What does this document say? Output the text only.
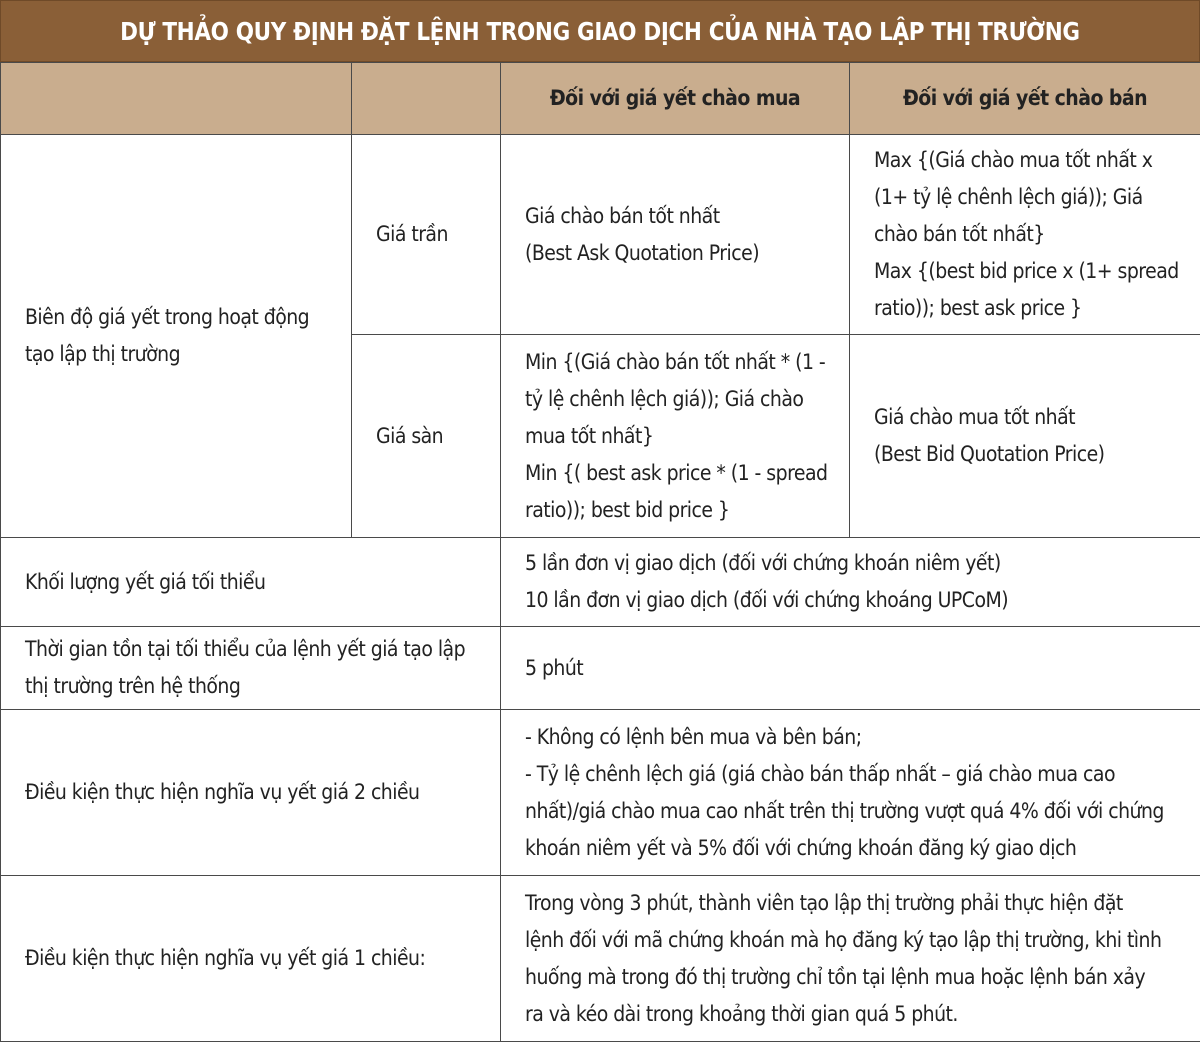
DỰ THẢO QUY ĐỊNH ĐẶT LỆNH TRONG GIAO DỊCH CỦA NHÀ TẠO LẬP THỊ TRƯỜNG

		Đối với giá yết chào mua	Đối với giá yết chào bán

Biên độ giá yết trong hoạt động
tạo lập thị trường	Giá trần	Giá chào bán tốt nhất
(Best Ask Quotation Price)	Max {(Giá chào mua tốt nhất x
(1+ tỷ lệ chênh lệch giá)); Giá
chào bán tốt nhất}
Max {(best bid price x (1+ spread
ratio)); best ask price }

	Giá sàn	Min {(Giá chào bán tốt nhất * (1 -
tỷ lệ chênh lệch giá)); Giá chào
mua tốt nhất}
Min {( best ask price * (1 - spread
ratio)); best bid price }	Giá chào mua tốt nhất
(Best Bid Quotation Price)

Khối lượng yết giá tối thiểu		5 lần đơn vị giao dịch (đối với chứng khoán niêm yết)
10 lần đơn vị giao dịch (đối với chứng khoáng UPCoM)	

Thời gian tồn tại tối thiểu của lệnh yết giá tạo lập
thị trường trên hệ thống		5 phút	

Điều kiện thực hiện nghĩa vụ yết giá 2 chiều		- Không có lệnh bên mua và bên bán;
- Tỷ lệ chênh lệch giá (giá chào bán thấp nhất – giá chào mua cao
nhất)/giá chào mua cao nhất trên thị trường vượt quá 4% đối với chứng
khoán niêm yết và 5% đối với chứng khoán đăng ký giao dịch	

Điều kiện thực hiện nghĩa vụ yết giá 1 chiều:		Trong vòng 3 phút, thành viên tạo lập thị trường phải thực hiện đặt
lệnh đối với mã chứng khoán mà họ đăng ký tạo lập thị trường, khi tình
huống mà trong đó thị trường chỉ tồn tại lệnh mua hoặc lệnh bán xảy
ra và kéo dài trong khoảng thời gian quá 5 phút.	
